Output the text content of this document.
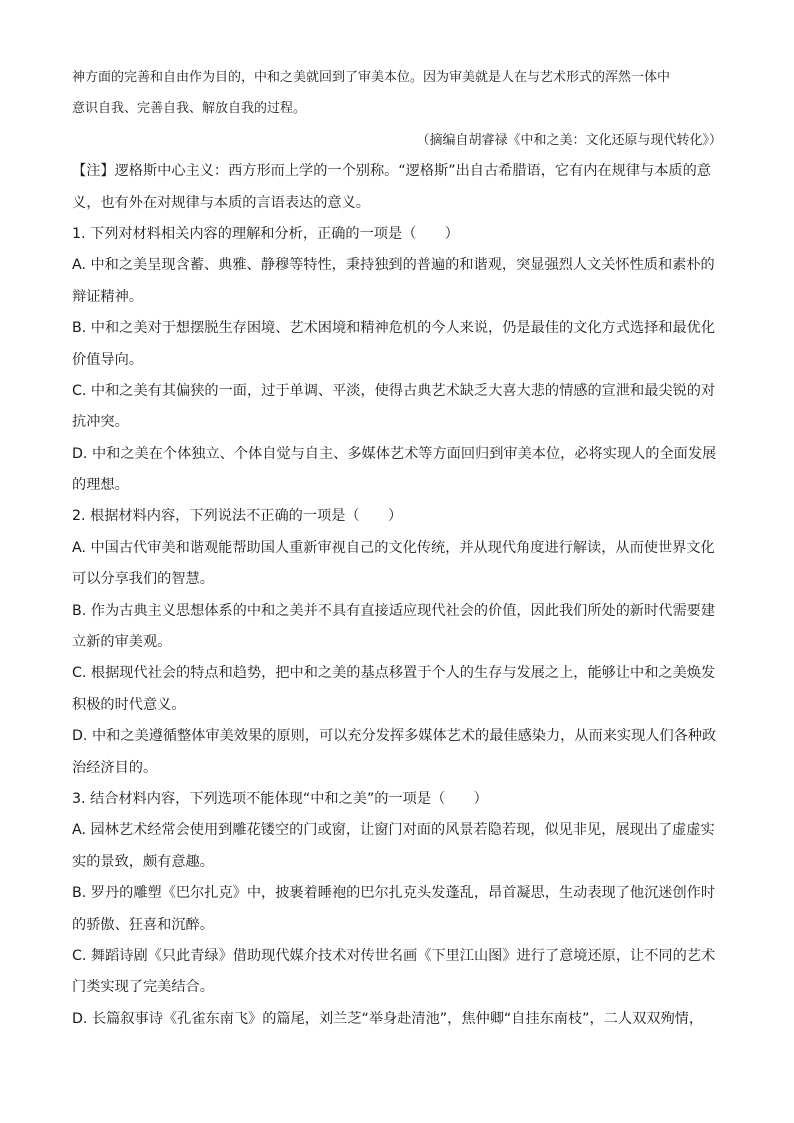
神方面的完善和自由作为目的，中和之美就回到了审美本位。因为审美就是人在与艺术形式的浑然一体中
意识自我、完善自我、解放自我的过程。
（摘编自胡睿禄《中和之美：文化还原与现代转化》）
【注】逻格斯中心主义：西方形而上学的一个别称。“逻格斯”出自古希腊语，它有内在规律与本质的意
义，也有外在对规律与本质的言语表达的意义。
1. 下列对材料相关内容的理解和分析，正确的一项是（　　）
A. 中和之美呈现含蓄、典雅、静穆等特性，秉持独到的普遍的和谐观，突显强烈人文关怀性质和素朴的
辩证精神。
B. 中和之美对于想摆脱生存困境、艺术困境和精神危机的今人来说，仍是最佳的文化方式选择和最优化
价值导向。
C. 中和之美有其偏狭的一面，过于单调、平淡，使得古典艺术缺乏大喜大悲的情感的宣泄和最尖锐的对
抗冲突。
D. 中和之美在个体独立、个体自觉与自主、多媒体艺术等方面回归到审美本位，必将实现人的全面发展
的理想。
2. 根据材料内容，下列说法不正确的一项是（　　）
A. 中国古代审美和谐观能帮助国人重新审视自己的文化传统，并从现代角度进行解读，从而使世界文化
可以分享我们的智慧。
B. 作为古典主义思想体系的中和之美并不具有直接适应现代社会的价值，因此我们所处的新时代需要建
立新的审美观。
C. 根据现代社会的特点和趋势，把中和之美的基点移置于个人的生存与发展之上，能够让中和之美焕发
积极的时代意义。
D. 中和之美遵循整体审美效果的原则，可以充分发挥多媒体艺术的最佳感染力，从而来实现人们各种政
治经济目的。
3. 结合材料内容，下列选项不能体现“中和之美”的一项是（　　）
A. 园林艺术经常会使用到雕花镂空的门或窗，让窗门对面的风景若隐若现，似见非见，展现出了虚虚实
实的景致，颇有意趣。
B. 罗丹的雕塑《巴尔扎克》中，披裹着睡袍的巴尔扎克头发蓬乱，昂首凝思，生动表现了他沉迷创作时
的骄傲、狂喜和沉醉。
C. 舞蹈诗剧《只此青绿》借助现代媒介技术对传世名画《下里江山图》进行了意境还原，让不同的艺术
门类实现了完美结合。
D. 长篇叙事诗《孔雀东南飞》的篇尾，刘兰芝“举身赴清池”，焦仲卿“自挂东南枝”，二人双双殉情，
